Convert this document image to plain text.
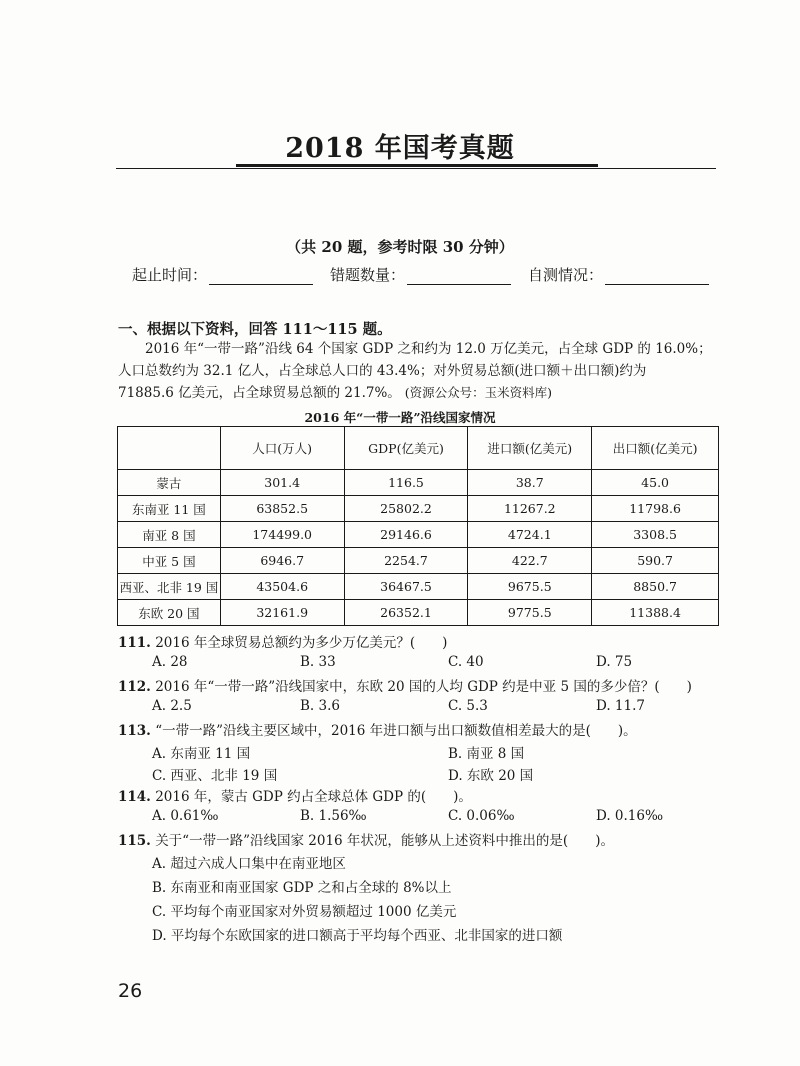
2018 年国考真题
（共 20 题，参考时限 30 分钟）
起止时间：	错题数量：	自测情况：
一、根据以下资料，回答 111～115 题。
2016 年“一带一路”沿线 64 个国家 GDP 之和约为 12.0 万亿美元，占全球 GDP 的 16.0%；
人口总数约为 32.1 亿人，占全球总人口的 43.4%；对外贸易总额(进口额＋出口额)约为
71885.6 亿美元，占全球贸易总额的 21.7%。 (资源公众号：玉米资料库)
2016 年“一带一路”沿线国家情况
	人口(万人)	GDP(亿美元)	进口额(亿美元)	出口额(亿美元)
蒙古	301.4	116.5	38.7	45.0
东南亚 11 国	63852.5	25802.2	11267.2	11798.6
南亚 8 国	174499.0	29146.6	4724.1	3308.5
中亚 5 国	6946.7	2254.7	422.7	590.7
西亚、北非 19 国	43504.6	36467.5	9675.5	8850.7
东欧 20 国	32161.9	26352.1	9775.5	11388.4
111. 2016 年全球贸易总额约为多少万亿美元？(　　)
A. 28	B. 33	C. 40	D. 75
112. 2016 年“一带一路”沿线国家中，东欧 20 国的人均 GDP 约是中亚 5 国的多少倍？(　　)
A. 2.5	B. 3.6	C. 5.3	D. 11.7
113. “一带一路”沿线主要区域中，2016 年进口额与出口额数值相差最大的是(　　)。
A. 东南亚 11 国	B. 南亚 8 国
C. 西亚、北非 19 国	D. 东欧 20 国
114. 2016 年，蒙古 GDP 约占全球总体 GDP 的(　　)。
A. 0.61‰	B. 1.56‰	C. 0.06‰	D. 0.16‰
115. 关于“一带一路”沿线国家 2016 年状况，能够从上述资料中推出的是(　　)。
A. 超过六成人口集中在南亚地区
B. 东南亚和南亚国家 GDP 之和占全球的 8%以上
C. 平均每个南亚国家对外贸易额超过 1000 亿美元
D. 平均每个东欧国家的进口额高于平均每个西亚、北非国家的进口额
26
